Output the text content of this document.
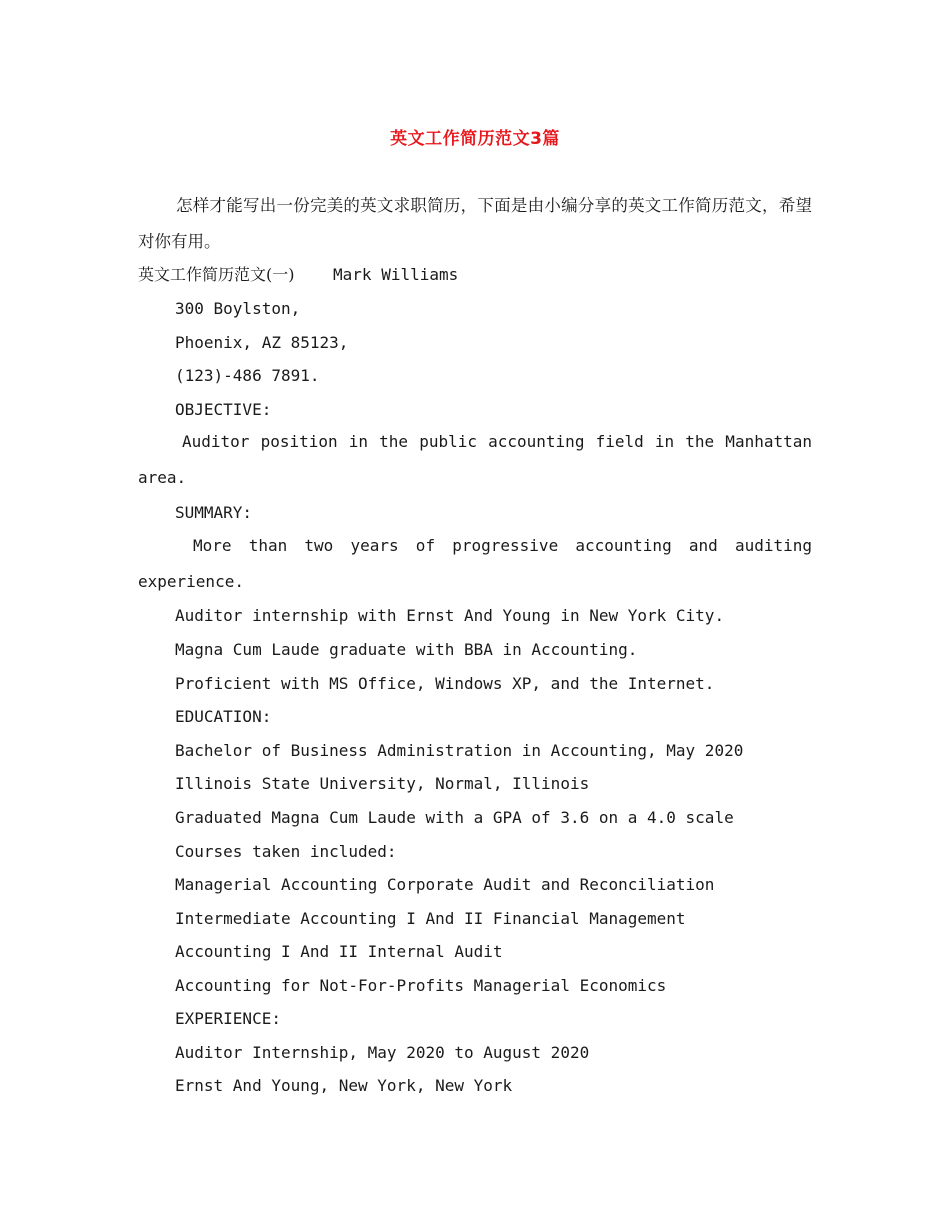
英文工作简历范文3篇
怎样才能写出一份完美的英文求职简历，下面是由小编分享的英文工作简历范文，希望对你有用。
英文工作简历范文(一) Mark Williams
300 Boylston,
Phoenix, AZ 85123,
(123)-486 7891.
OBJECTIVE:
Auditor position in the public accounting field in the Manhattan area.
SUMMARY:
More than two years of progressive accounting and auditing experience.
Auditor internship with Ernst And Young in New York City.
Magna Cum Laude graduate with BBA in Accounting.
Proficient with MS Office, Windows XP, and the Internet.
EDUCATION:
Bachelor of Business Administration in Accounting, May 2020
Illinois State University, Normal, Illinois
Graduated Magna Cum Laude with a GPA of 3.6 on a 4.0 scale
Courses taken included:
Managerial Accounting Corporate Audit and Reconciliation
Intermediate Accounting I And II Financial Management
Accounting I And II Internal Audit
Accounting for Not-For-Profits Managerial Economics
EXPERIENCE:
Auditor Internship, May 2020 to August 2020
Ernst And Young, New York, New York
